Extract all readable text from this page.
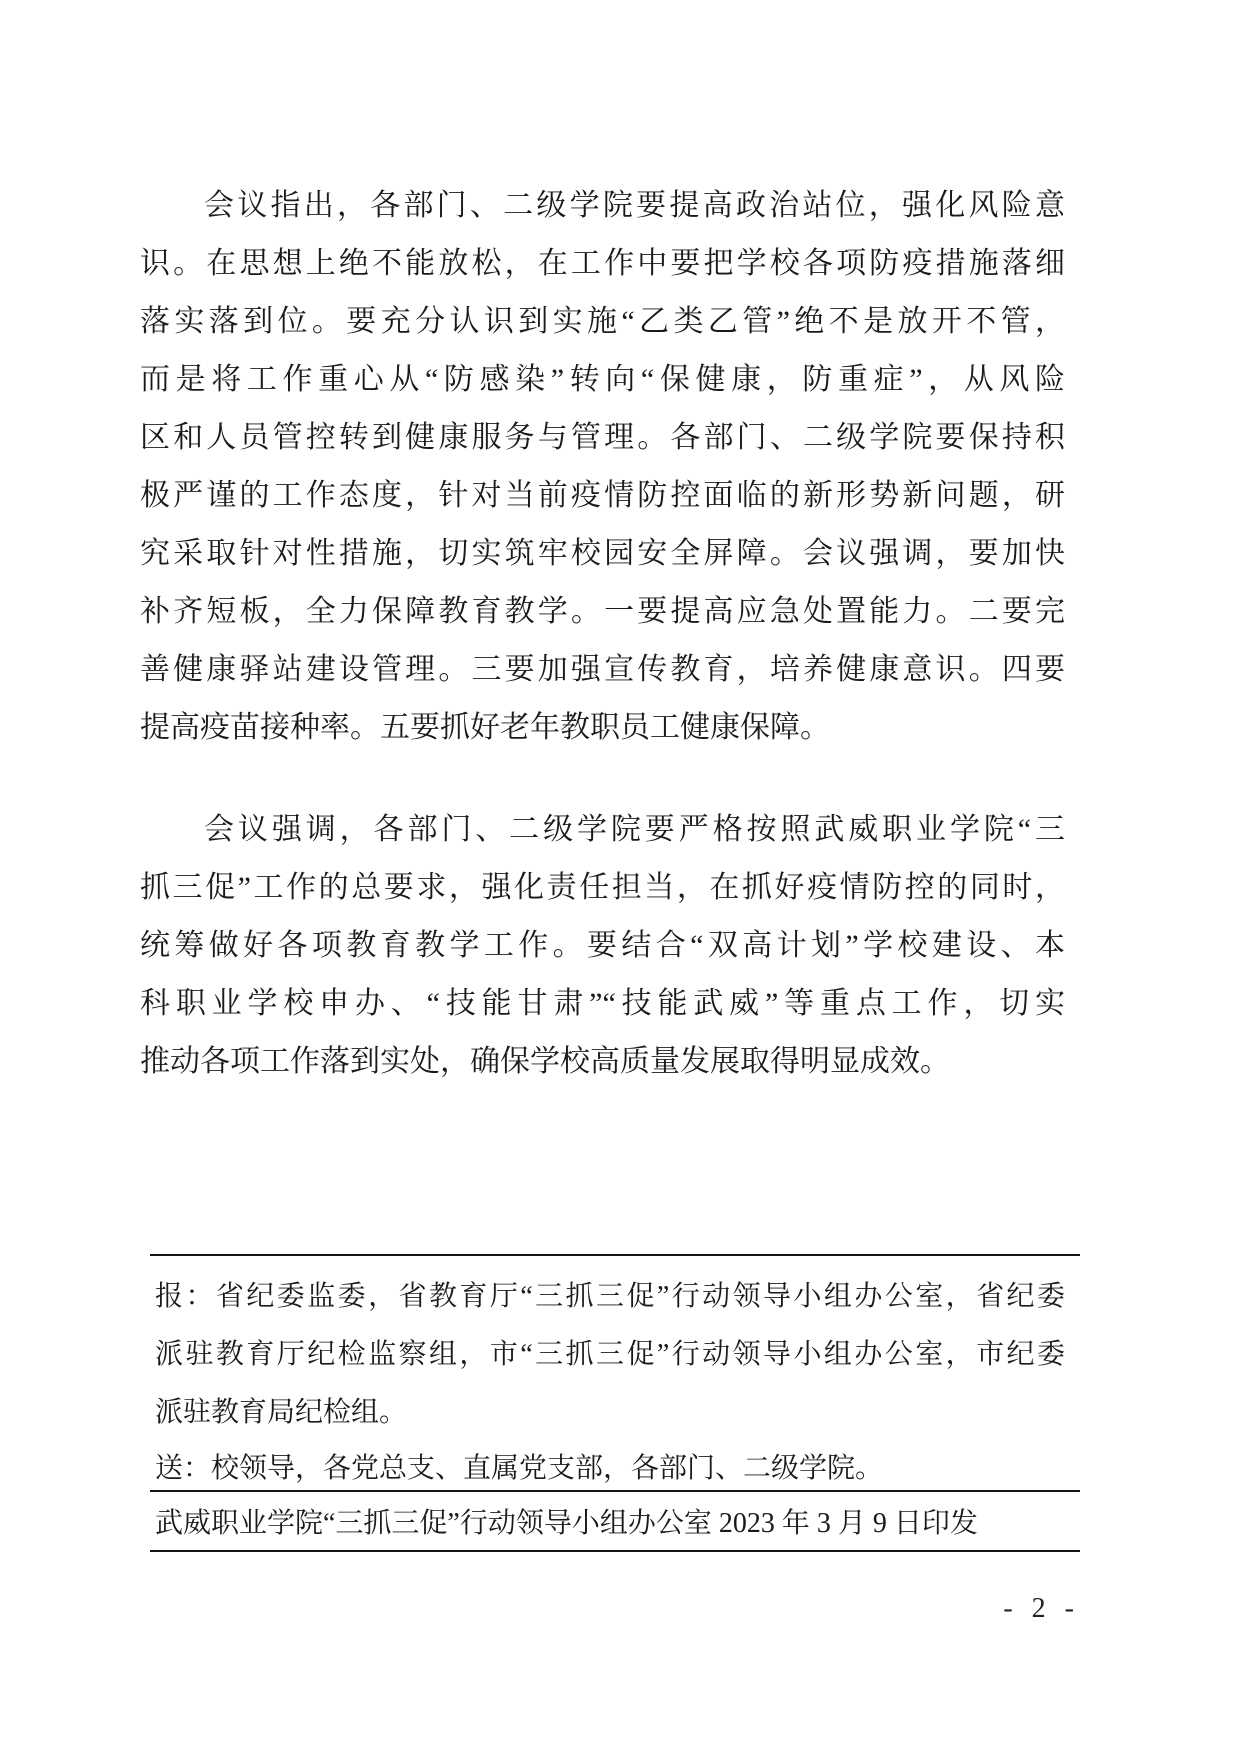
会议指出，各部门、二级学院要提高政治站位，强化风险意
识。在思想上绝不能放松，在工作中要把学校各项防疫措施落细
落实落到位。要充分认识到实施“乙类乙管”绝不是放开不管，
而是将工作重心从“防感染”转向“保健康，防重症”，从风险
区和人员管控转到健康服务与管理。各部门、二级学院要保持积
极严谨的工作态度，针对当前疫情防控面临的新形势新问题，研
究采取针对性措施，切实筑牢校园安全屏障。会议强调，要加快
补齐短板，全力保障教育教学。一要提高应急处置能力。二要完
善健康驿站建设管理。三要加强宣传教育，培养健康意识。四要
提高疫苗接种率。五要抓好老年教职员工健康保障。
会议强调，各部门、二级学院要严格按照武威职业学院“三
抓三促”工作的总要求，强化责任担当，在抓好疫情防控的同时，
统筹做好各项教育教学工作。要结合“双高计划”学校建设、本
科职业学校申办、“技能甘肃”“技能武威”等重点工作，切实
推动各项工作落到实处，确保学校高质量发展取得明显成效。
报：省纪委监委，省教育厅“三抓三促”行动领导小组办公室，省纪委
派驻教育厅纪检监察组，市“三抓三促”行动领导小组办公室，市纪委
派驻教育局纪检组。
送：校领导，各党总支、直属党支部，各部门、二级学院。
武威职业学院“三抓三促”行动领导小组办公室 2023 年 3 月 9 日印发
- 2 -
